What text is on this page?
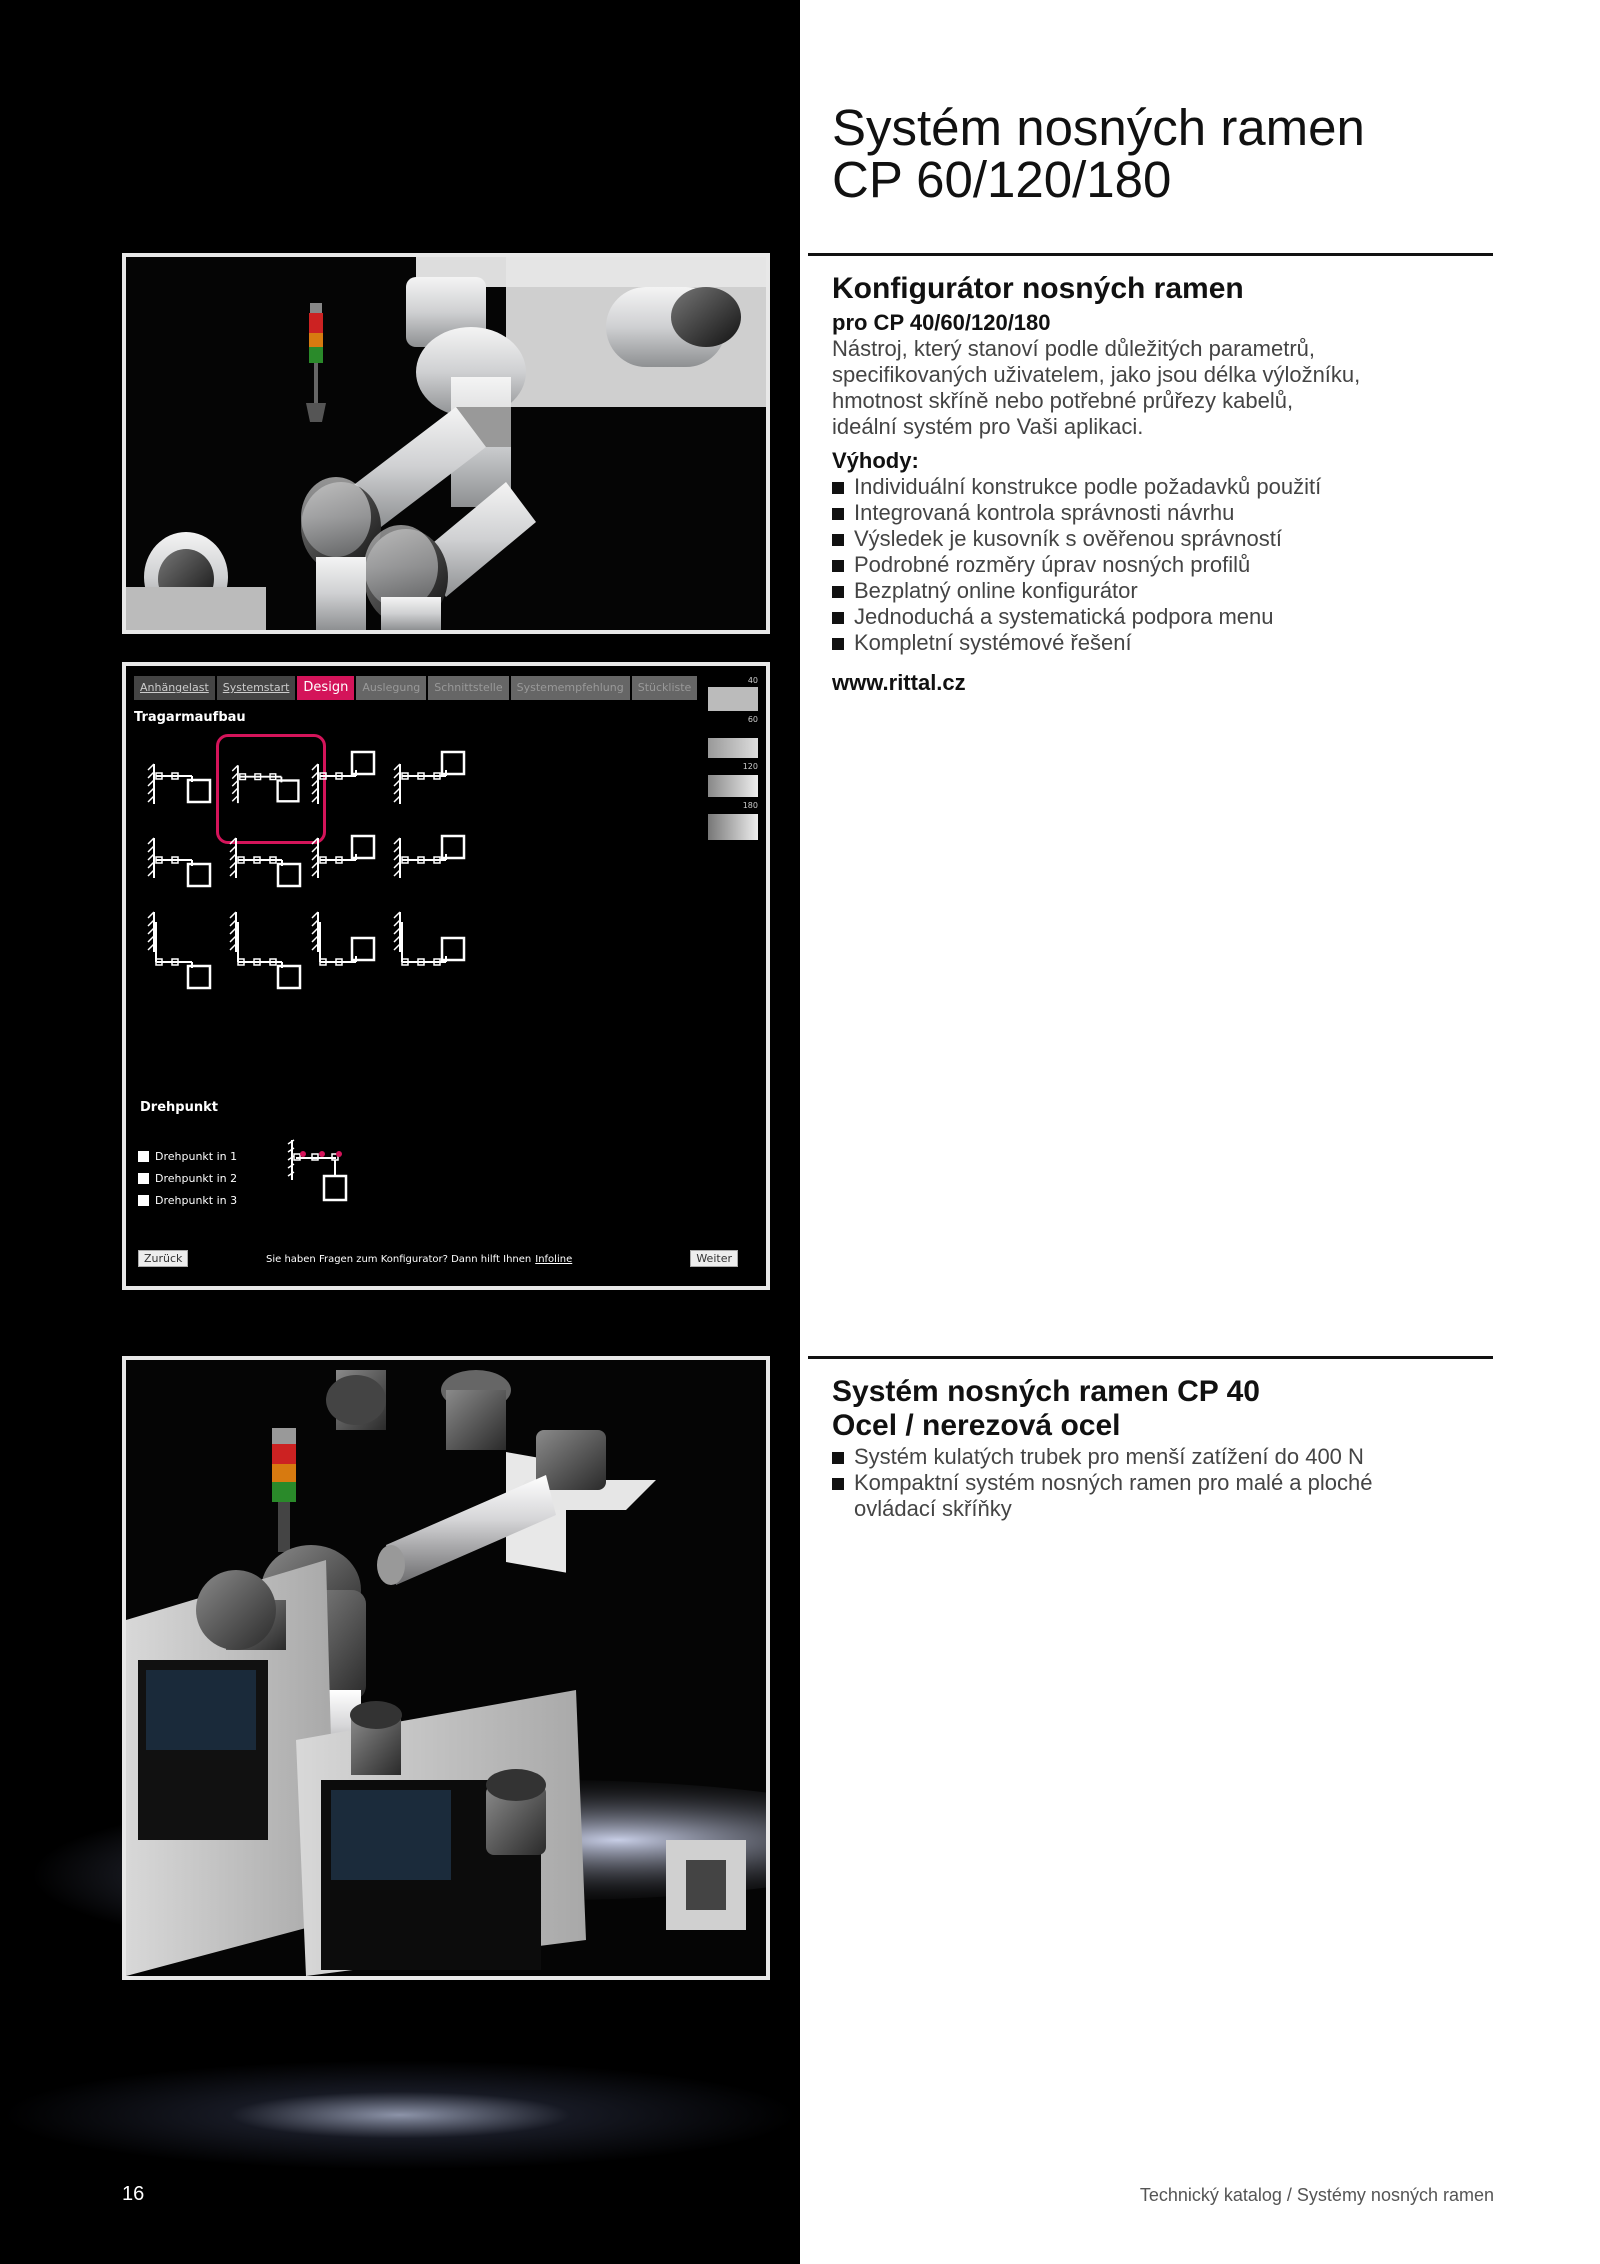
Anhängelast	Systemstart	Design	Auslegung	Schnittstelle	Systemempfehlung	Stückliste
40
60
120
180
Tragarmaufbau
Drehpunkt
Drehpunkt in 1
Drehpunkt in 2
Drehpunkt in 3
Zurück	Sie haben Fragen zum Konfigurator? Dann hilft Ihnen Infoline	Weiter
Systém nosných ramen
CP 60/120/180
Konfigurátor nosných ramen
pro CP 40/60/120/180
Nástroj, který stanoví podle důležitých parametrů,
specifikovaných uživatelem, jako jsou délka výložníku,
hmotnost skříně nebo potřebné průřezy kabelů,
ideální systém pro Vaši aplikaci.
Výhody:
Individuální konstrukce podle požadavků použití
Integrovaná kontrola správnosti návrhu
Výsledek je kusovník s ověřenou správností
Podrobné rozměry úprav nosných profilů
Bezplatný online konfigurátor
Jednoduchá a systematická podpora menu
Kompletní systémové řešení
www.rittal.cz
Systém nosných ramen CP 40
Ocel / nerezová ocel
Systém kulatých trubek pro menší zatížení do 400 N
Kompaktní systém nosných ramen pro malé a ploché
ovládací skříňky
16	Technický katalog / Systémy nosných ramen
